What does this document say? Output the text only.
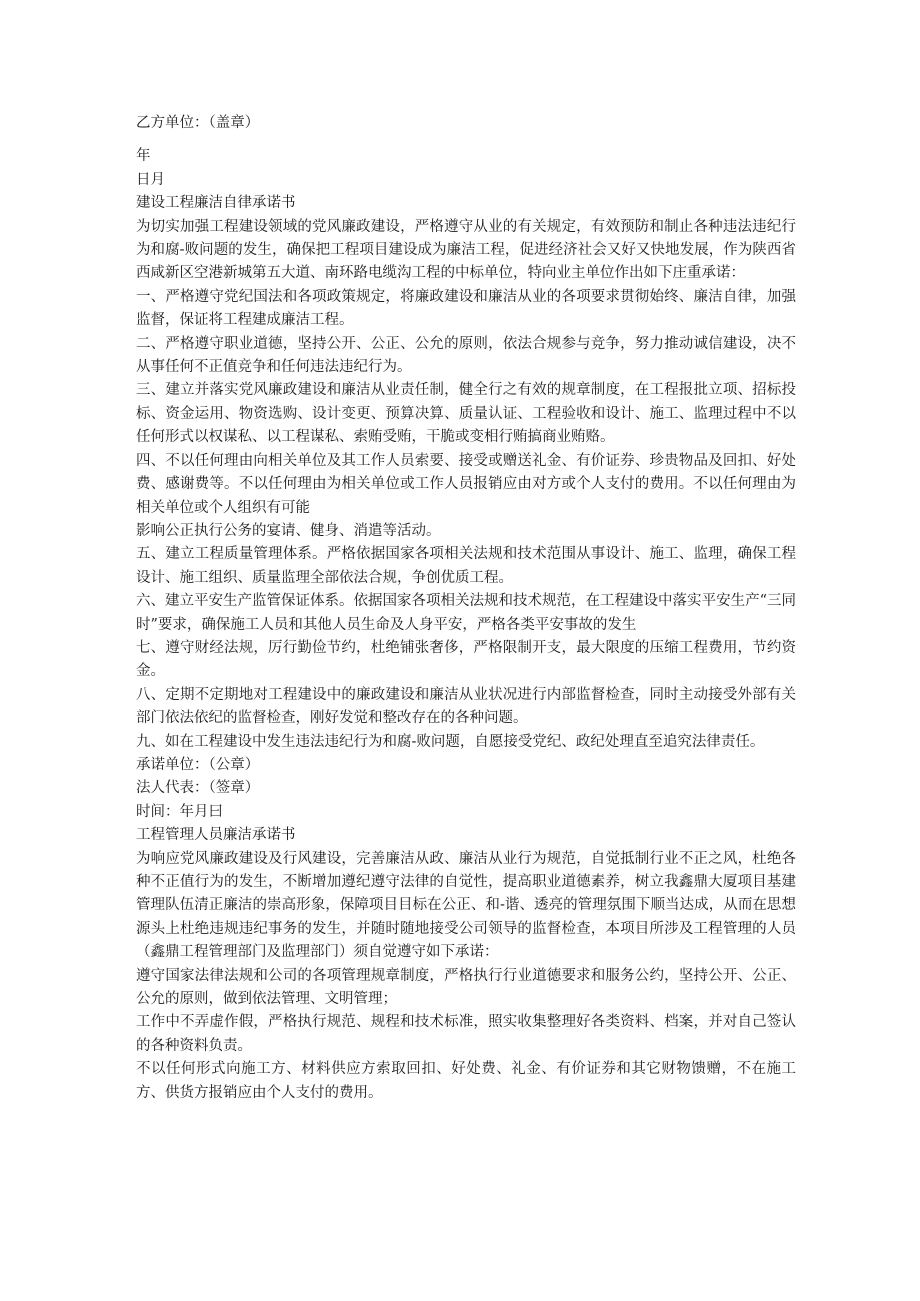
乙方单位：（盖章）

年

日月

建设工程廉洁自律承诺书

为切实加强工程建设领域的党风廉政建设，严格遵守从业的有关规定，有效预防和制止各种违法违纪行为和腐-败问题的发生，确保把工程项目建设成为廉洁工程，促进经济社会又好又快地发展，作为陕西省西咸新区空港新城第五大道、南环路电缆沟工程的中标单位，特向业主单位作出如下庄重承诺：

一、严格遵守党纪国法和各项政策规定，将廉政建设和廉洁从业的各项要求贯彻始终、廉洁自律，加强监督，保证将工程建成廉洁工程。

二、严格遵守职业道德，坚持公开、公正、公允的原则，依法合规参与竞争，努力推动诚信建设，决不从事任何不正值竞争和任何违法违纪行为。

三、建立并落实党风廉政建设和廉洁从业责任制，健全行之有效的规章制度，在工程报批立项、招标投标、资金运用、物资选购、设计变更、预算决算、质量认证、工程验收和设计、施工、监理过程中不以任何形式以权谋私、以工程谋私、索贿受贿，干脆或变相行贿搞商业贿赂。

四、不以任何理由向相关单位及其工作人员索要、接受或赠送礼金、有价证券、珍贵物品及回扣、好处费、感谢费等。不以任何理由为相关单位或工作人员报销应由对方或个人支付的费用。不以任何理由为相关单位或个人组织有可能

影响公正执行公务的宴请、健身、消遣等活动。

五、建立工程质量管理体系。严格依据国家各项相关法规和技术范围从事设计、施工、监理，确保工程设计、施工组织、质量监理全部依法合规，争创优质工程。

六、建立平安生产监管保证体系。依据国家各项相关法规和技术规范，在工程建设中落实平安生产“三同时”要求，确保施工人员和其他人员生命及人身平安，严格各类平安事故的发生

七、遵守财经法规，厉行勤俭节约，杜绝铺张奢侈，严格限制开支，最大限度的压缩工程费用，节约资金。

八、定期不定期地对工程建设中的廉政建设和廉洁从业状况进行内部监督检查，同时主动接受外部有关部门依法依纪的监督检查，刚好发觉和整改存在的各种问题。

九、如在工程建设中发生违法违纪行为和腐-败问题，自愿接受党纪、政纪处理直至追究法律责任。

承诺单位：（公章）

法人代表：（签章）

时间：年月曰

工程管理人员廉洁承诺书

为响应党风廉政建设及行风建设，完善廉洁从政、廉洁从业行为规范，自觉抵制行业不正之风，杜绝各种不正值行为的发生，不断增加遵纪遵守法律的自觉性，提高职业道德素养，树立我鑫鼎大厦项目基建管理队伍清正廉洁的崇高形象，保障项目目标在公正、和-谐、透亮的管理氛围下顺当达成，从而在思想源头上杜绝违规违纪事务的发生，并随时随地接受公司领导的监督检查，本项目所涉及工程管理的人员（鑫鼎工程管理部门及监理部门）须自觉遵守如下承诺：

遵守国家法律法规和公司的各项管理规章制度，严格执行行业道德要求和服务公约，坚持公开、公正、公允的原则，做到依法管理、文明管理；

工作中不弄虚作假，严格执行规范、规程和技术标准，照实收集整理好各类资料、档案，并对自己签认的各种资料负责。

不以任何形式向施工方、材料供应方索取回扣、好处费、礼金、有价证券和其它财物馈赠，不在施工方、供货方报销应由个人支付的费用。
